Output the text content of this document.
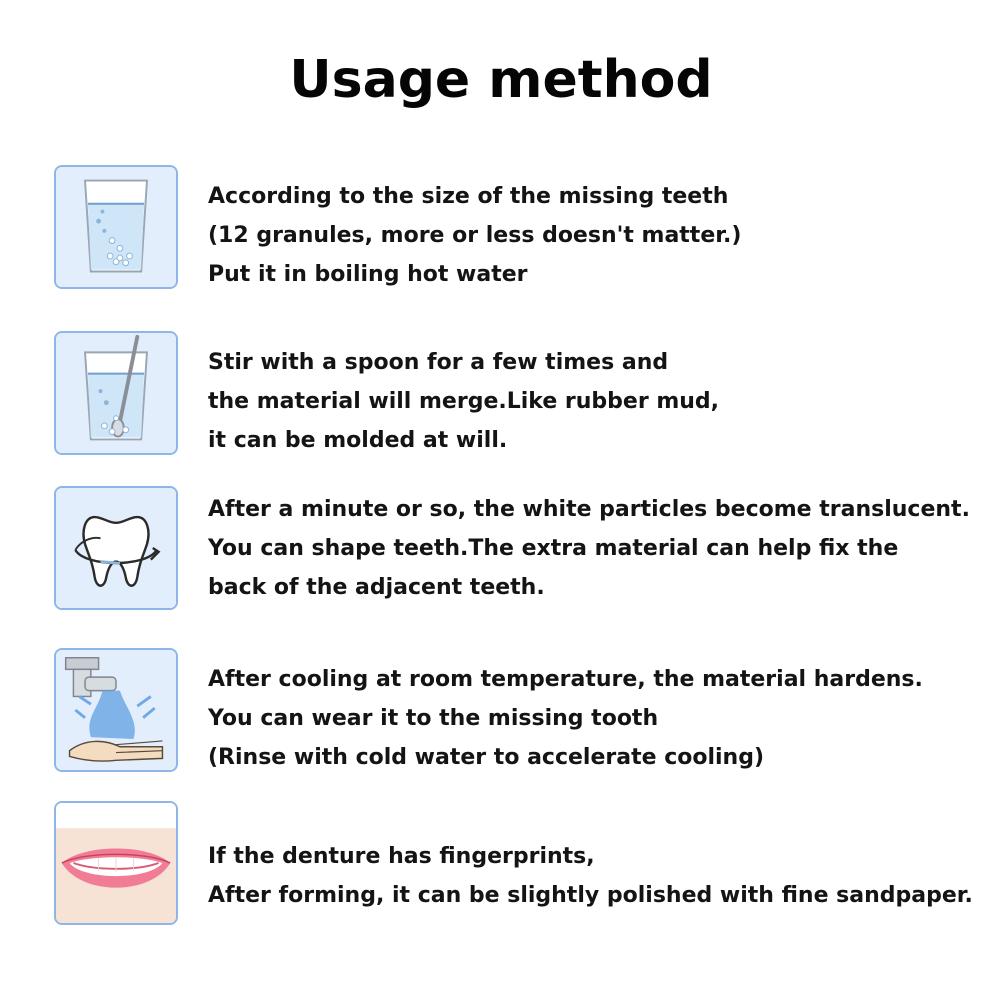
Usage method
According to the size of the missing teeth
(12 granules, more or less doesn't matter.)
Put it in boiling hot water
Stir with a spoon for a few times and
the material will merge.Like rubber mud,
it can be molded at will.
After a minute or so, the white particles become translucent.
You can shape teeth.The extra material can help fix the
back of the adjacent teeth.
After cooling at room temperature, the material hardens.
You can wear it to the missing tooth
(Rinse with cold water to accelerate cooling)
If the denture has fingerprints,
After forming, it can be slightly polished with fine sandpaper.
